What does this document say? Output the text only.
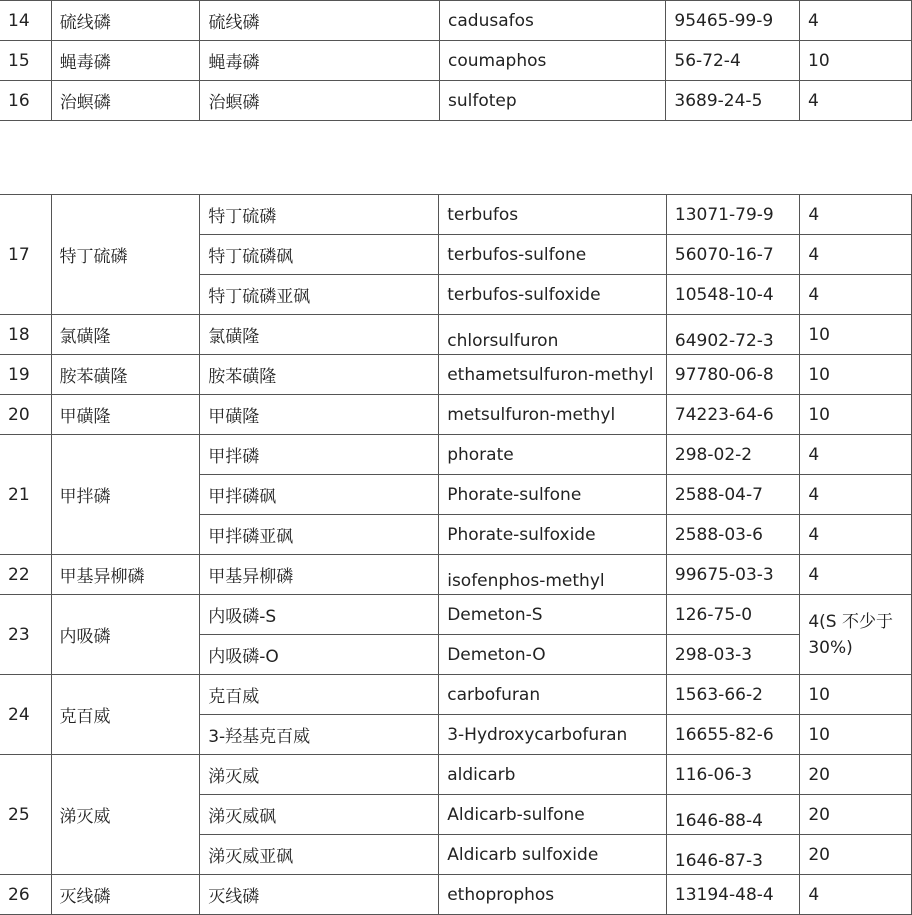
14	硫线磷	硫线磷	cadusafos	95465-99-9	4
15	蝇毒磷	蝇毒磷	coumaphos	56-72-4	10
16	治螟磷	治螟磷	sulfotep	3689-24-5	4
17	特丁硫磷	特丁硫磷	terbufos	13071-79-9	4
		特丁硫磷砜	terbufos-sulfone	56070-16-7	4
		特丁硫磷亚砜	terbufos-sulfoxide	10548-10-4	4
18	氯磺隆	氯磺隆	chlorsulfuron	64902-72-3	10
19	胺苯磺隆	胺苯磺隆	ethametsulfuron-methyl	97780-06-8	10
20	甲磺隆	甲磺隆	metsulfuron-methyl	74223-64-6	10
21	甲拌磷	甲拌磷	phorate	298-02-2	4
		甲拌磷砜	Phorate-sulfone	2588-04-7	4
		甲拌磷亚砜	Phorate-sulfoxide	2588-03-6	4
22	甲基异柳磷	甲基异柳磷	isofenphos-methyl	99675-03-3	4
23	内吸磷	内吸磷-S	Demeton-S	126-75-0	4(S 不少于30%)
		内吸磷-O	Demeton-O	298-03-3	
24	克百威	克百威	carbofuran	1563-66-2	10
		3-羟基克百威	3-Hydroxycarbofuran	16655-82-6	10
25	涕灭威	涕灭威	aldicarb	116-06-3	20
		涕灭威砜	Aldicarb-sulfone	1646-88-4	20
		涕灭威亚砜	Aldicarb sulfoxide	1646-87-3	20
26	灭线磷	灭线磷	ethoprophos	13194-48-4	4
